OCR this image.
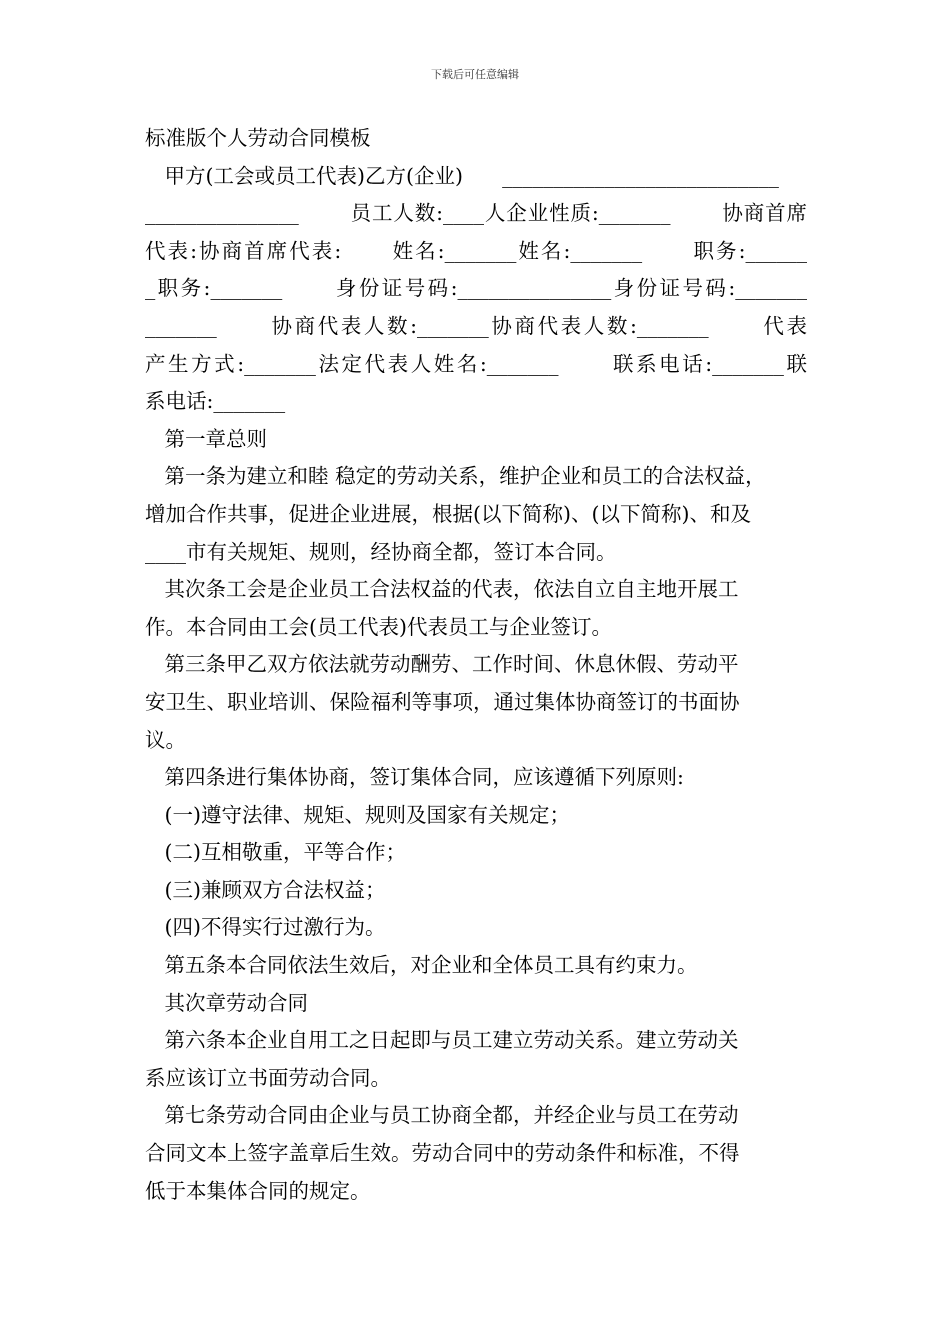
下载后可任意编辑
标准版个人劳动合同模板
甲方(工会或员工代表)乙方(企业)      ___________________________
_______________       员工人数:____人企业性质:_______       协商首席
代表:协商首席代表:      姓名:_______姓名:_______      职务:______
_职务:_______      身份证号码:_______________身份证号码:_______
_______      协商代表人数:_______协商代表人数:_______      代表
产生方式:_______法定代表人姓名:_______      联系电话:_______联
系电话:_______
第一章总则
第一条为建立和睦 稳定的劳动关系，维护企业和员工的合法权益，
增加合作共事，促进企业进展，根据(以下简称)、(以下简称)、和及
____市有关规矩、规则，经协商全都，签订本合同。
其次条工会是企业员工合法权益的代表，依法自立自主地开展工
作。本合同由工会(员工代表)代表员工与企业签订。
第三条甲乙双方依法就劳动酬劳、工作时间、休息休假、劳动平
安卫生、职业培训、保险福利等事项，通过集体协商签订的书面协
议。
第四条进行集体协商，签订集体合同，应该遵循下列原则:
(一)遵守法律、规矩、规则及国家有关规定；
(二)互相敬重，平等合作；
(三)兼顾双方合法权益；
(四)不得实行过激行为。
第五条本合同依法生效后，对企业和全体员工具有约束力。
其次章劳动合同
第六条本企业自用工之日起即与员工建立劳动关系。建立劳动关
系应该订立书面劳动合同。
第七条劳动合同由企业与员工协商全都，并经企业与员工在劳动
合同文本上签字盖章后生效。劳动合同中的劳动条件和标准，不得
低于本集体合同的规定。
